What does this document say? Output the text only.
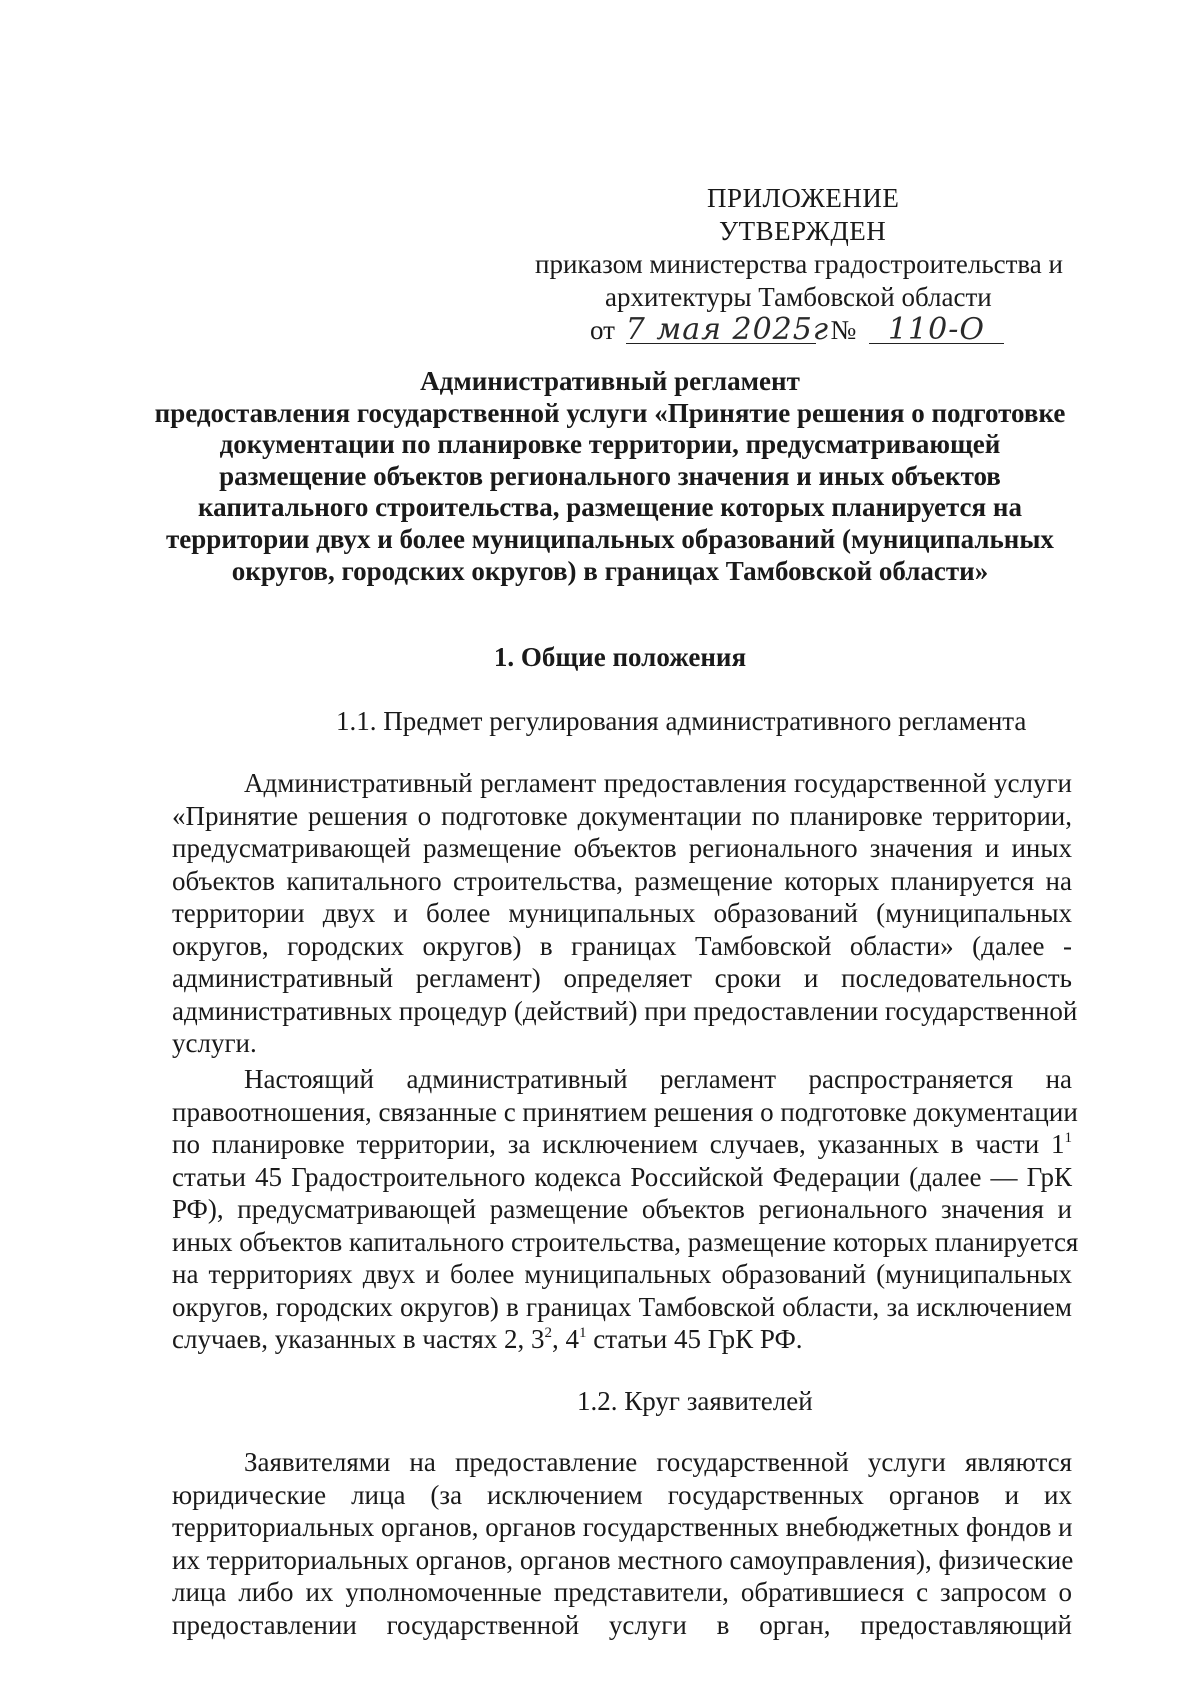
ПРИЛОЖЕНИЕ
УТВЕРЖДЕН
приказом министерства градостроительства и
архитектуры Тамбовской области
от 7 мая 2025г № 110-О
Административный регламент
предоставления государственной услуги «Принятие решения о подготовке
документации по планировке территории, предусматривающей
размещение объектов регионального значения и иных объектов
капитального строительства, размещение которых планируется на
территории двух и более муниципальных образований (муниципальных
округов, городских округов) в границах Тамбовской области»
1. Общие положения
1.1. Предмет регулирования административного регламента
Административный регламент предоставления государственной услуги
«Принятие решения о подготовке документации по планировке территории,
предусматривающей размещение объектов регионального значения и иных
объектов капитального строительства, размещение которых планируется на
территории двух и более муниципальных образований (муниципальных
округов, городских округов) в границах Тамбовской области» (далее -
административный регламент) определяет сроки и последовательность
административных процедур (действий) при предоставлении государственной
услуги.
Настоящий административный регламент распространяется на
правоотношения, связанные с принятием решения о подготовке документации
по планировке территории, за исключением случаев, указанных в части $1^1$
статьи 45 Градостроительного кодекса Российской Федерации (далее — ГрК
РФ), предусматривающей размещение объектов регионального значения и
иных объектов капитального строительства, размещение которых планируется
на территориях двух и более муниципальных образований (муниципальных
округов, городских округов) в границах Тамбовской области, за исключением
случаев, указанных в частях 2, $3^2$, $4^1$ статьи 45 ГрК РФ.
1.2. Круг заявителей
Заявителями на предоставление государственной услуги являются
юридические лица (за исключением государственных органов и их
территориальных органов, органов государственных внебюджетных фондов и
их территориальных органов, органов местного самоуправления), физические
лица либо их уполномоченные представители, обратившиеся с запросом о
предоставлении государственной услуги в орган, предоставляющий
